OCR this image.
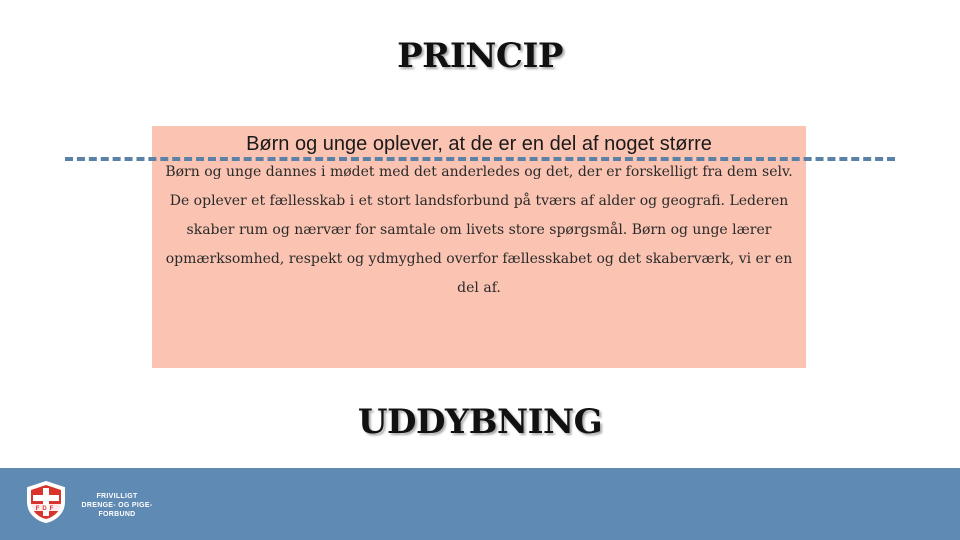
PRINCIP
Børn og unge oplever, at de er en del af noget større
Børn og unge dannes i mødet med det anderledes og det, der er forskelligt fra dem selv. De oplever et fællesskab i et stort landsforbund på tværs af alder og geografi. Lederen skaber rum og nærvær for samtale om livets store spørgsmål. Børn og unge lærer opmærksomhed, respekt og ydmyghed overfor fællesskabet og det skaberværk, vi er en del af.
UDDYBNING
FDF
FRIVILLIGT
DRENGE- OG PIGE-
FORBUND
